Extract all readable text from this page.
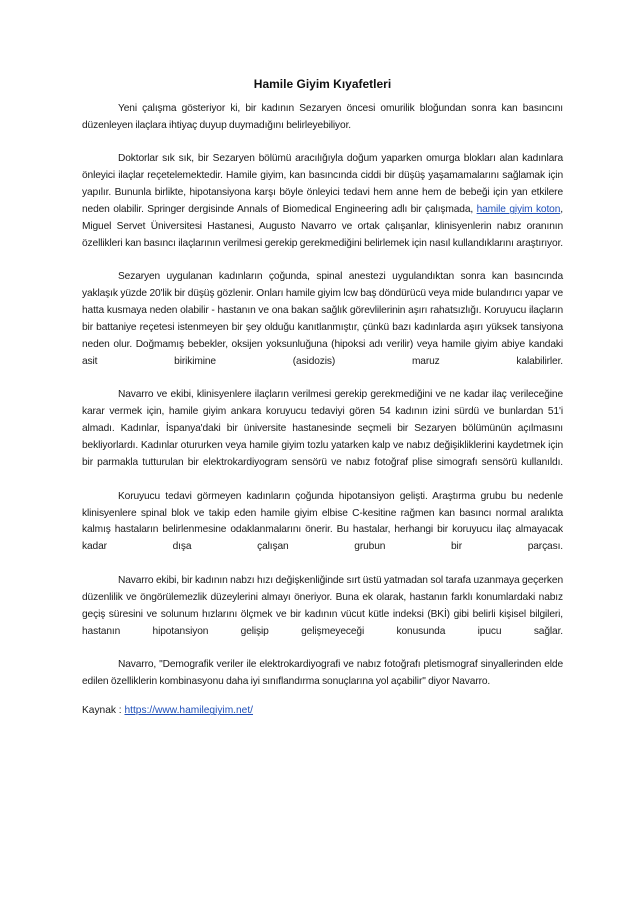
Hamile Giyim Kıyafetleri

Yeni çalışma gösteriyor ki, bir kadının Sezaryen öncesi omurilik bloğundan sonra kan basıncını düzenleyen ilaçlara ihtiyaç duyup duymadığını belirleyebiliyor.

Doktorlar sık sık, bir Sezaryen bölümü aracılığıyla doğum yaparken omurga blokları alan kadınlara önleyici ilaçlar reçetelemektedir. Hamile giyim, kan basıncında ciddi bir düşüş yaşamamalarını sağlamak için yapılır. Bununla birlikte, hipotansiyona karşı böyle önleyici tedavi hem anne hem de bebeği için yan etkilere neden olabilir. Springer dergisinde Annals of Biomedical Engineering adlı bir çalışmada, hamile giyim koton, Miguel Servet Üniversitesi Hastanesi, Augusto Navarro ve ortak çalışanlar, klinisyenlerin nabız oranının özellikleri kan basıncı ilaçlarının verilmesi gerekip gerekmediğini belirlemek için nasıl kullandıklarını araştırıyor.

Sezaryen uygulanan kadınların çoğunda, spinal anestezi uygulandıktan sonra kan basıncında yaklaşık yüzde 20'lik bir düşüş gözlenir. Onları hamile giyim lcw baş döndürücü veya mide bulandırıcı yapar ve hatta kusmaya neden olabilir - hastanın ve ona bakan sağlık görevlilerinin aşırı rahatsızlığı. Koruyucu ilaçların bir battaniye reçetesi istenmeyen bir şey olduğu kanıtlanmıştır, çünkü bazı kadınlarda aşırı yüksek tansiyona neden olur. Doğmamış bebekler, oksijen yoksunluğuna (hipoksi adı verilir) veya hamile giyim abiye kandaki asit birikimine (asidozis) maruz kalabilirler.

Navarro ve ekibi, klinisyenlere ilaçların verilmesi gerekip gerekmediğini ve ne kadar ilaç verileceğine karar vermek için, hamile giyim ankara koruyucu tedaviyi gören 54 kadının izini sürdü ve bunlardan 51'i almadı. Kadınlar, İspanya'daki bir üniversite hastanesinde seçmeli bir Sezaryen bölümünün açılmasını bekliyorlardı. Kadınlar otururken veya hamile giyim tozlu yatarken kalp ve nabız değişikliklerini kaydetmek için bir parmakla tutturulan bir elektrokardiyogram sensörü ve nabız fotoğraf plise simografı sensörü kullanıldı.

Koruyucu tedavi görmeyen kadınların çoğunda hipotansiyon gelişti. Araştırma grubu bu nedenle klinisyenlere spinal blok ve takip eden hamile giyim elbise C-kesitine rağmen kan basıncı normal aralıkta kalmış hastaların belirlenmesine odaklanmalarını önerir. Bu hastalar, herhangi bir koruyucu ilaç almayacak kadar dışa çalışan grubun bir parçası.

Navarro ekibi, bir kadının nabzı hızı değişkenliğinde sırt üstü yatmadan sol tarafa uzanmaya geçerken düzenlilik ve öngörülemezlik düzeylerini almayı öneriyor. Buna ek olarak, hastanın farklı konumlardaki nabız geçiş süresini ve solunum hızlarını ölçmek ve bir kadının vücut kütle indeksi (BKİ) gibi belirli kişisel bilgileri, hastanın hipotansiyon gelişip gelişmeyeceği konusunda ipucu sağlar.

Navarro, "Demografik veriler ile elektrokardiyografi ve nabız fotoğrafı pletismograf sinyallerinden elde edilen özelliklerin kombinasyonu daha iyi sınıflandırma sonuçlarına yol açabilir" diyor Navarro.

Kaynak : https://www.hamilegiyim.net/
